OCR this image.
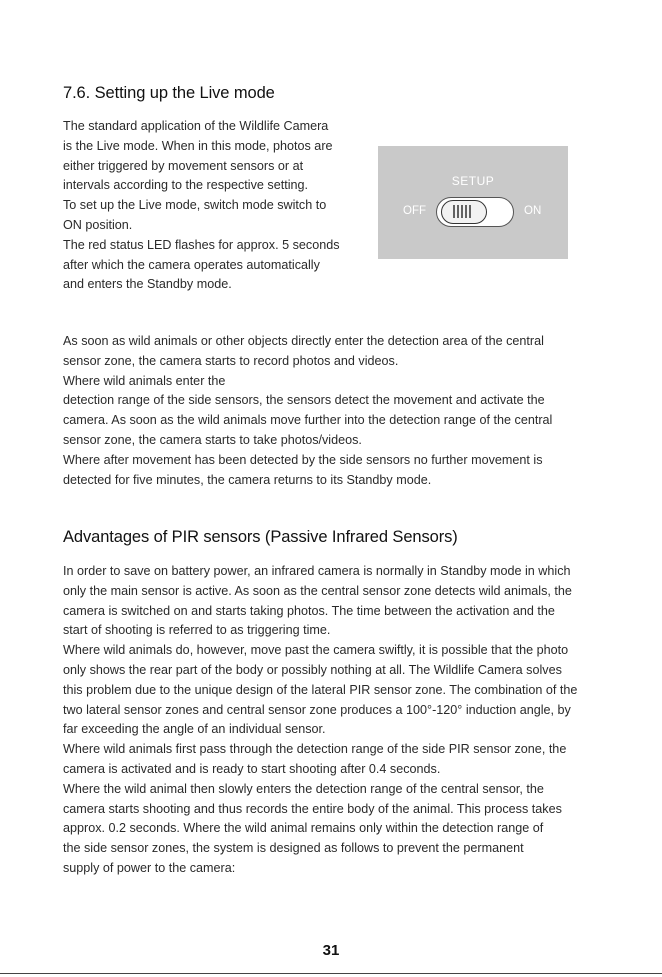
7.6. Setting up the Live mode
The standard application of the Wildlife Camera
is the Live mode. When in this mode, photos are
either triggered by movement sensors or at
intervals according to the respective setting.
To set up the Live mode, switch mode switch to
ON position.
The red status LED flashes for approx. 5 seconds
after which the camera operates automatically
and enters the Standby mode.
SETUP
OFF	ON
As soon as wild animals or other objects directly enter the detection area of the central
sensor zone, the camera starts to record photos and videos.
Where wild animals enter the
detection range of the side sensors, the sensors detect the movement and activate the
camera. As soon as the wild animals move further into the detection range of the central
sensor zone, the camera starts to take photos/videos.
Where after movement has been detected by the side sensors no further movement is
detected for five minutes, the camera returns to its Standby mode.
Advantages of PIR sensors (Passive Infrared Sensors)
In order to save on battery power, an infrared camera is normally in Standby mode in which
only the main sensor is active. As soon as the central sensor zone detects wild animals, the
camera is switched on and starts taking photos. The time between the activation and the
start of shooting is referred to as triggering time.
Where wild animals do, however, move past the camera swiftly, it is possible that the photo
only shows the rear part of the body or possibly nothing at all. The Wildlife Camera solves
this problem due to the unique design of the lateral PIR sensor zone. The combination of the
two lateral sensor zones and central sensor zone produces a 100°-120° induction angle, by
far exceeding the angle of an individual sensor.
Where wild animals first pass through the detection range of the side PIR sensor zone, the
camera is activated and is ready to start shooting after 0.4 seconds.
Where the wild animal then slowly enters the detection range of the central sensor, the
camera starts shooting and thus records the entire body of the animal. This process takes
approx. 0.2 seconds. Where the wild animal remains only within the detection range of
the side sensor zones, the system is designed as follows to prevent the permanent
supply of power to the camera:
31
